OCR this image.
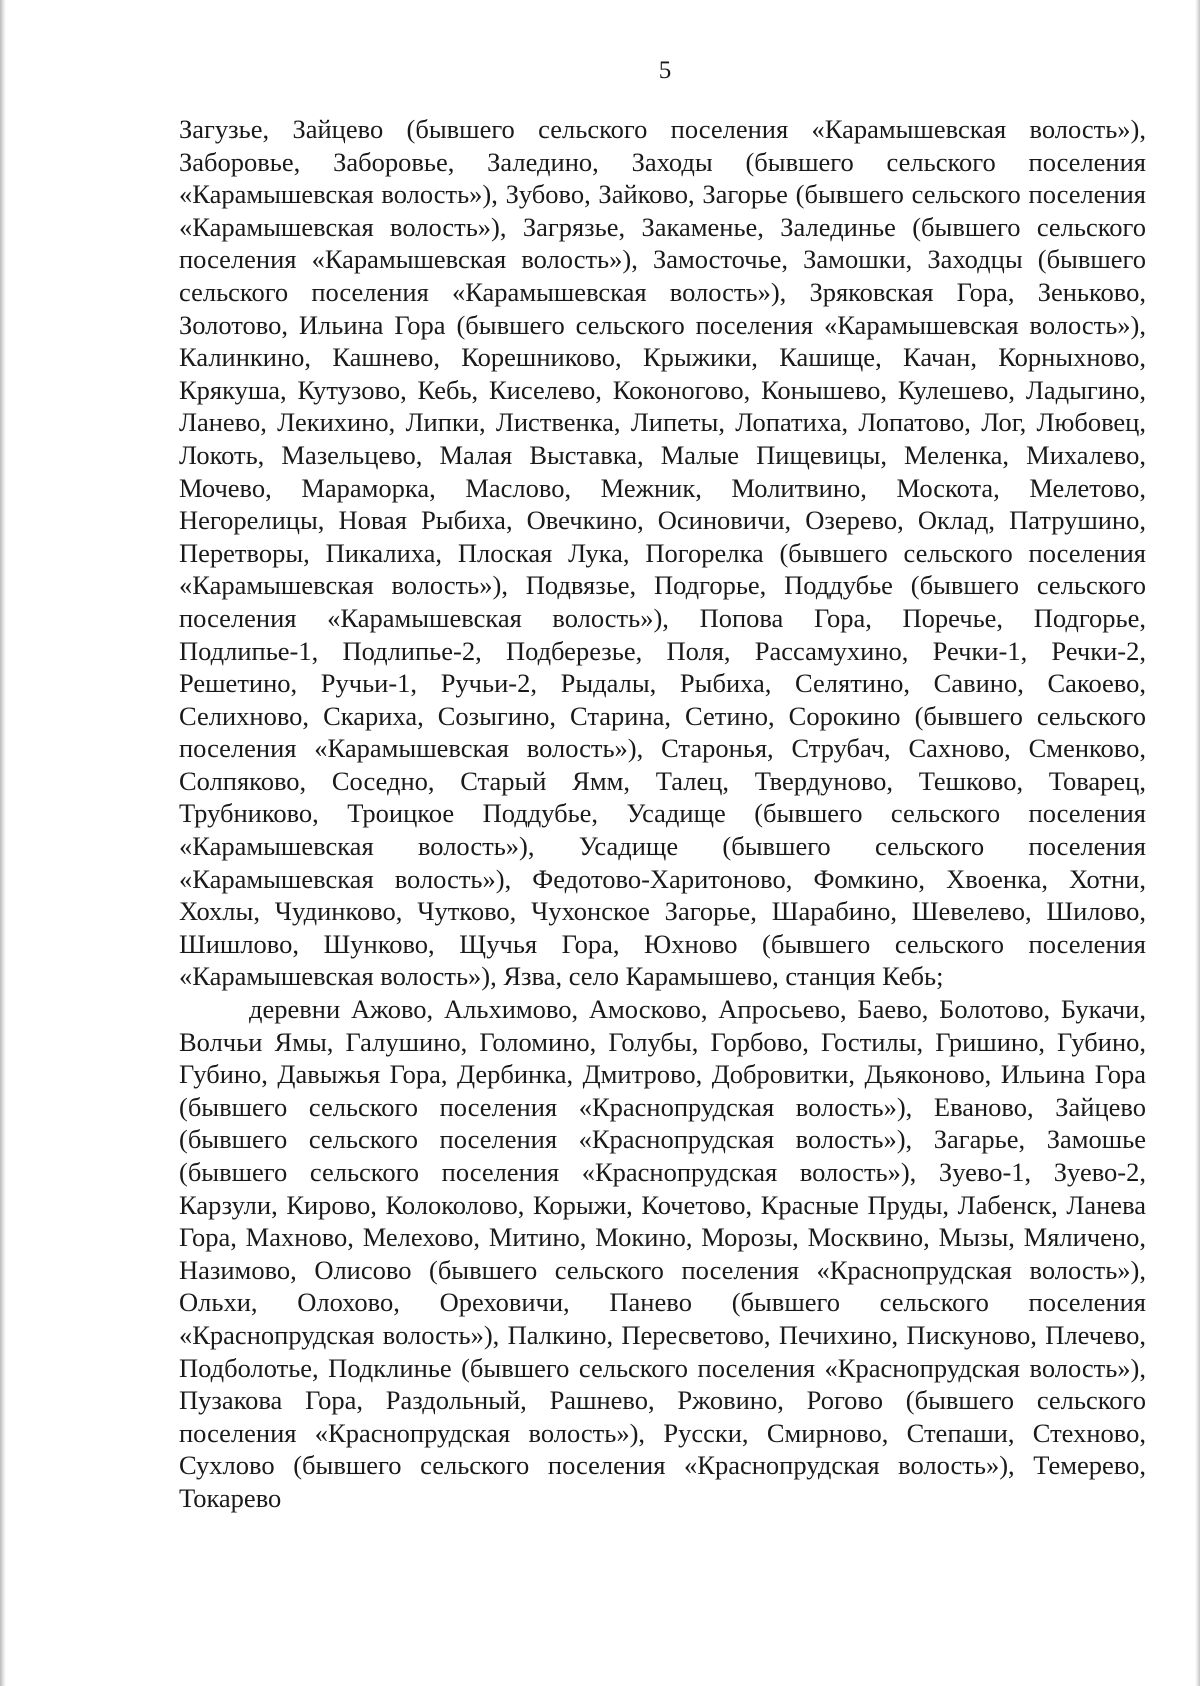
5

Загузье, Зайцево (бывшего сельского поселения «Карамышевская волость»), Заборовье, Заборовье, Заледино, Заходы (бывшего сельского поселения «Карамышевская волость»), Зубово, Зайково, Загорье (бывшего сельского поселения «Карамышевская волость»), Загрязье, Закаменье, Залединье (бывшего сельского поселения «Карамышевская волость»), Замосточье, Замошки, Заходцы (бывшего сельского поселения «Карамышевская волость»), Зряковская Гора, Зеньково, Золотово, Ильина Гора (бывшего сельского поселения «Карамышевская волость»), Калинкино, Кашнево, Корешниково, Крыжики, Кашище, Качан, Корныхново, Крякуша, Кутузово, Кебь, Киселево, Коконогово, Конышево, Кулешево, Ладыгино, Ланево, Лекихино, Липки, Лиственка, Липеты, Лопатиха, Лопатово, Лог, Любовец, Локоть, Мазельцево, Малая Выставка, Малые Пищевицы, Меленка, Михалево, Мочево, Мараморка, Маслово, Межник, Молитвино, Москота, Мелетово, Негорелицы, Новая Рыбиха, Овечкино, Осиновичи, Озерево, Оклад, Патрушино, Перетворы, Пикалиха, Плоская Лука, Погорелка (бывшего сельского поселения «Карамышевская волость»), Подвязье, Подгорье, Поддубье (бывшего сельского поселения «Карамышевская волость»), Попова Гора, Поречье, Подгорье, Подлипье-1, Подлипье-2, Подберезье, Поля, Рассамухино, Речки-1, Речки-2, Решетино, Ручьи-1, Ручьи-2, Рыдалы, Рыбиха, Селятино, Савино, Сакоево, Селихново, Скариха, Созыгино, Старина, Сетино, Сорокино (бывшего сельского поселения «Карамышевская волость»), Старонья, Струбач, Сахново, Сменково, Солпяково, Соседно, Старый Ямм, Талец, Твердуново, Тешково, Товарец, Трубниково, Троицкое Поддубье, Усадище (бывшего сельского поселения «Карамышевская волость»), Усадище (бывшего сельского поселения «Карамышевская волость»), Федотово-Харитоново, Фомкино, Хвоенка, Хотни, Хохлы, Чудинково, Чутково, Чухонское Загорье, Шарабино, Шевелево, Шилово, Шишлово, Шунково, Щучья Гора, Юхново (бывшего сельского поселения «Карамышевская волость»), Язва, село Карамышево, станция Кебь;

деревни Ажово, Альхимово, Амосково, Апросьево, Баево, Болотово, Букачи, Волчьи Ямы, Галушино, Голомино, Голубы, Горбово, Гостилы, Гришино, Губино, Губино, Давыжья Гора, Дербинка, Дмитрово, Добровитки, Дьяконово, Ильина Гора (бывшего сельского поселения «Краснопрудская волость»), Еваново, Зайцево (бывшего сельского поселения «Краснопрудская волость»), Загарье, Замошье (бывшего сельского поселения «Краснопрудская волость»), Зуево-1, Зуево-2, Карзули, Кирово, Колоколово, Корыжи, Кочетово, Красные Пруды, Лабенск, Ланева Гора, Махново, Мелехово, Митино, Мокино, Морозы, Москвино, Мызы, Мяличено, Назимово, Олисово (бывшего сельского поселения «Краснопрудская волость»), Ольхи, Олохово, Ореховичи, Паневo (бывшего сельского поселения «Краснопрудская волость»), Палкино, Пересветово, Печихино, Пискуново, Плечево, Подболотье, Подклинье (бывшего сельского поселения «Краснопрудская волость»), Пузакова Гора, Раздольный, Рашнево, Ржовино, Рогово (бывшего сельского поселения «Краснопрудская волость»), Русски, Смирново, Степаши, Стехново, Сухлово (бывшего сельского поселения «Краснопрудская волость»), Темерево, Токарево
